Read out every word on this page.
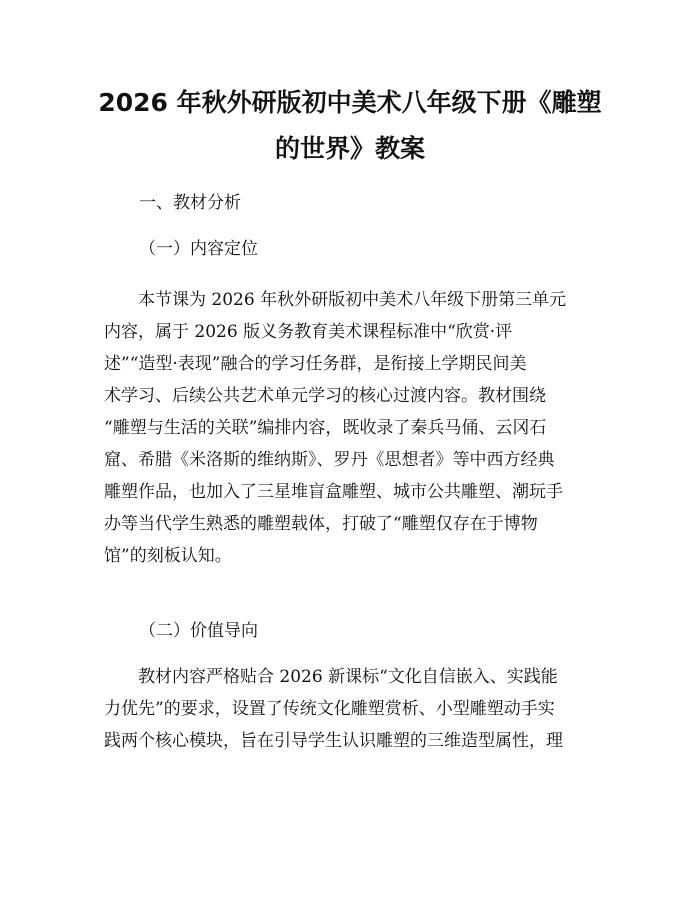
2026 年秋外研版初中美术八年级下册《雕塑
的世界》教案

一、教材分析

（一）内容定位

本节课为 2026 年秋外研版初中美术八年级下册第三单元
内容，属于 2026 版义务教育美术课程标准中“欣赏·评
述”“造型·表现”融合的学习任务群，是衔接上学期民间美
术学习、后续公共艺术单元学习的核心过渡内容。教材围绕
“雕塑与生活的关联”编排内容，既收录了秦兵马俑、云冈石
窟、希腊《米洛斯的维纳斯》、罗丹《思想者》等中西方经典
雕塑作品，也加入了三星堆盲盒雕塑、城市公共雕塑、潮玩手
办等当代学生熟悉的雕塑载体，打破了“雕塑仅存在于博物
馆”的刻板认知。

（二）价值导向

教材内容严格贴合 2026 新课标“文化自信嵌入、实践能
力优先”的要求，设置了传统文化雕塑赏析、小型雕塑动手实
践两个核心模块，旨在引导学生认识雕塑的三维造型属性，理
